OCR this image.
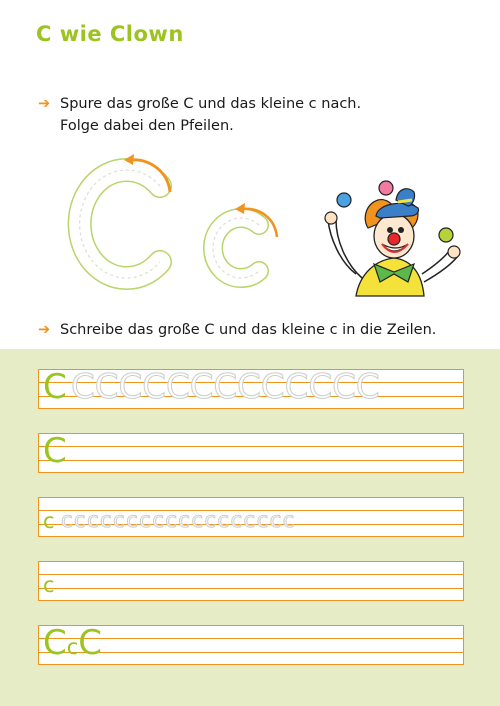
C wie Clown
➔ Spure das große C und das kleine c nach.
Folge dabei den Pfeilen.
➔ Schreibe das große C und das kleine c in die Zeilen.
C CCCCCCCCCCCCC
C
c cccccccccccccccccc
c
CcC
